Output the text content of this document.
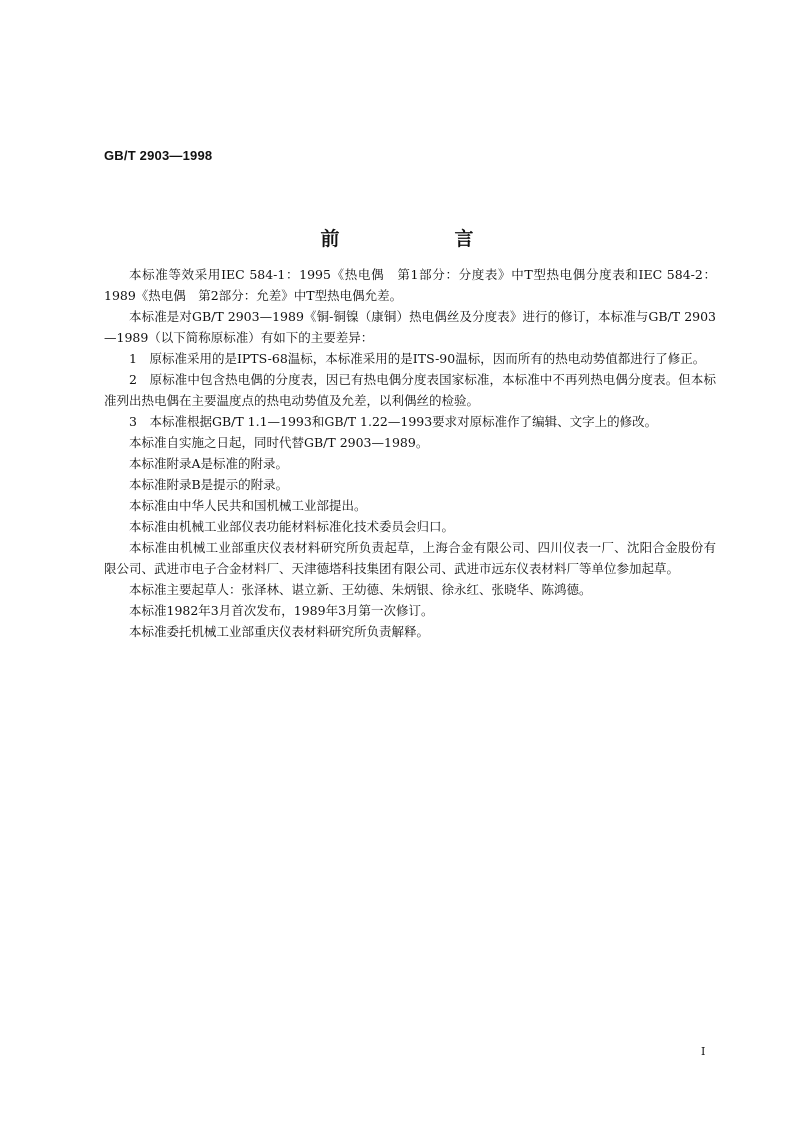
GB/T 2903—1998
前　言

本标准等效采用IEC 584-1：1995《热电偶　第1部分：分度表》中T型热电偶分度表和IEC 584-2：1989《热电偶　第2部分：允差》中T型热电偶允差。

本标准是对GB/T 2903—1989《铜-铜镍（康铜）热电偶丝及分度表》进行的修订，本标准与GB/T 2903—1989（以下简称原标准）有如下的主要差异：

1　原标准采用的是IPTS-68温标，本标准采用的是ITS-90温标，因而所有的热电动势值都进行了修正。

2　原标准中包含热电偶的分度表，因已有热电偶分度表国家标准，本标准中不再列热电偶分度表。但本标准列出热电偶在主要温度点的热电动势值及允差，以利偶丝的检验。

3　本标准根据GB/T 1.1—1993和GB/T 1.22—1993要求对原标准作了编辑、文字上的修改。

本标准自实施之日起，同时代替GB/T 2903—1989。

本标准附录A是标准的附录。

本标准附录B是提示的附录。

本标准由中华人民共和国机械工业部提出。

本标准由机械工业部仪表功能材料标准化技术委员会归口。

本标准由机械工业部重庆仪表材料研究所负责起草，上海合金有限公司、四川仪表一厂、沈阳合金股份有限公司、武进市电子合金材料厂、天津德塔科技集团有限公司、武进市远东仪表材料厂等单位参加起草。

本标准主要起草人：张泽林、谌立新、王幼德、朱炳银、徐永红、张晓华、陈鸿德。

本标准1982年3月首次发布，1989年3月第一次修订。

本标准委托机械工业部重庆仪表材料研究所负责解释。

I
